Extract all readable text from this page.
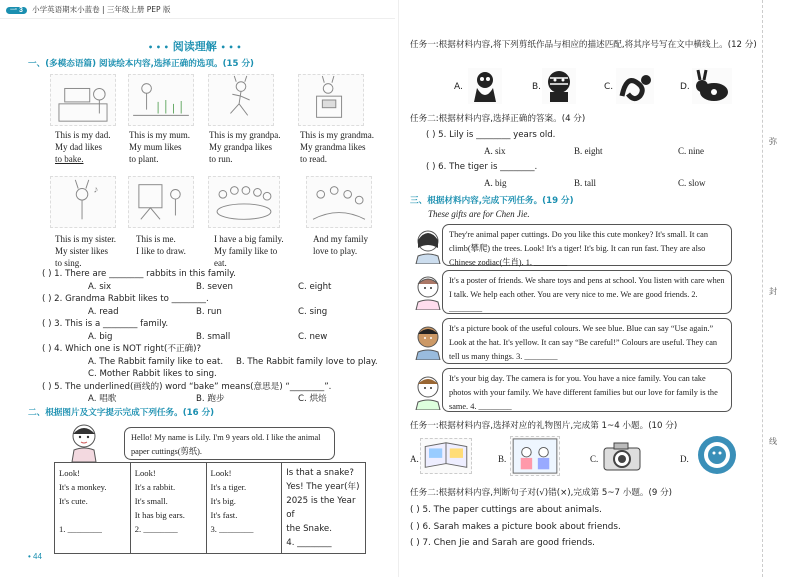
一 3 小学英语期末小蓝卷 | 三年级上册 PEP 版
• • • 阅读理解 • • •
一、(多模态语篇) 阅读绘本内容,选择正确的选项。(15 分)
This is my dad.
My dad likes
to bake.
This is my mum.
My mum likes
to plant.
This is my grandpa.
My grandpa likes
to run.
This is my grandma.
My grandma likes
to read.
♪
This is my sister.
My sister likes
to sing.
This is me.
I like to draw.
I have a big family.
My family like to
eat.
And my family
love to play.
( ) 1. There are ________ rabbits in this family.
A. six	B. seven	C. eight
( ) 2. Grandma Rabbit likes to ________.
A. read	B. run	C. sing
( ) 3. This is a ________ family.
A. big	B. small	C. new
( ) 4. Which one is NOT right(不正确)?
A. The Rabbit family like to eat. B. The Rabbit family love to play.
C. Mother Rabbit likes to sing.
( ) 5. The underlined(画线的) word “bake” means(意思是) “________”.
A. 唱歌	B. 跑步	C. 烘焙
二、根据图片及文字提示完成下列任务。(16 分)
Hello! My name is Lily. I'm 9 years old. I like the animal paper cuttings(剪纸).
Look!
It's a monkey.
It's cute.
1. ________

Look!
It's a rabbit.
It's small.
It has big ears.
2. ________

Look!
It's a tiger.
It's big.
It's fast.
3. ________

Is that a snake?
Yes! The year(年)
2025 is the Year of
the Snake.
4. ________
• 44
任务一:根据材料内容,将下列剪纸作品与相应的描述匹配,将其序号写在文中横线上。(12 分)
A.	B.	C.	D.
任务二:根据材料内容,选择正确的答案。(4 分)
( ) 5. Lily is ________ years old.
A. six	B. eight	C. nine
( ) 6. The tiger is ________.
A. big	B. tall	C. slow
三、根据材料内容,完成下列任务。(19 分)
These gifts are for Chen Jie.
They're animal paper cuttings. Do you like this cute monkey? It's small. It can climb(攀爬) the trees. Look! It's a tiger! It's big. It can run fast. They are also Chinese zodiac(生肖). 1. ________
It's a poster of friends. We share toys and pens at school. You listen with care when I talk. We help each other. You are very nice to me. We are good friends. 2. ________
It's a picture book of the useful colours. We see blue. Blue can say “Use again.” Look at the hat. It's yellow. It can say “Be careful!” Colours are useful. They can tell us many things. 3. ________
It's your big day. The camera is for you. You have a nice family. You can take photos with your family. We have different families but our love for family is the same. 4. ________
任务一:根据材料内容,选择对应的礼物图片,完成第 1~4 小题。(10 分)
A.	B.	C.	D.
任务二:根据材料内容,判断句子对(√)错(×),完成第 5~7 小题。(9 分)
( ) 5. The paper cuttings are about animals.
( ) 6. Sarah makes a picture book about friends.
( ) 7. Chen Jie and Sarah are good friends.
弥
封
线
